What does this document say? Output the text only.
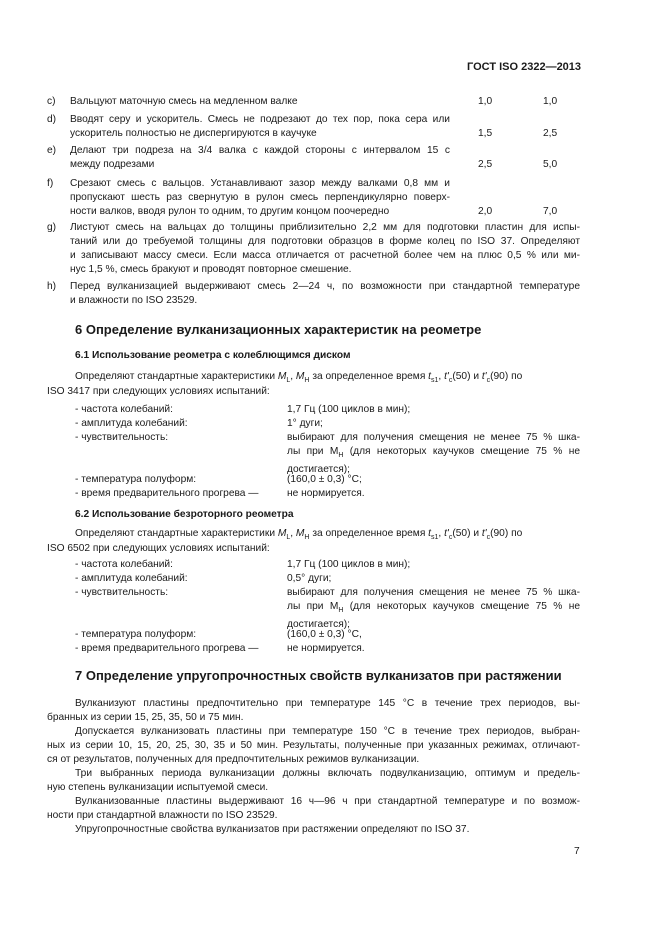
ГОСТ ISO 2322—2013
c) Вальцуют маточную смесь на медленном валке	1,0	1,0
d) Вводят серу и ускоритель. Смесь не подрезают до тех пор, пока сера или
ускоритель полностью не диспергируются в каучуке	1,5	2,5
e) Делают три подреза на 3/4 валка с каждой стороны с интервалом 15 с
между подрезами	2,5	5,0
f) Срезают смесь с вальцов. Устанавливают зазор между валками 0,8 мм и
пропускают шесть раз свернутую в рулон смесь перпендикулярно поверх-
ности валков, вводя рулон то одним, то другим концом поочередно	2,0	7,0
g) Листуют смесь на вальцах до толщины приблизительно 2,2 мм для подготовки пластин для испы-
таний или до требуемой толщины для подготовки образцов в форме колец по ISO 37. Определяют
и записывают массу смеси. Если масса отличается от расчетной более чем на плюс 0,5 % или ми-
нус 1,5 %, смесь бракуют и проводят повторное смешение.
h) Перед вулканизацией выдерживают смесь 2—24 ч, по возможности при стандартной температуре
и влажности по ISO 23529.
6 Определение вулканизационных характеристик на реометре
6.1 Использование реометра с колеблющимся диском
Определяют стандартные характеристики $M_L$, $M_H$ за определенное время $t_{s1}$, $t'_c(50)$ и $t'_c(90)$ по
ISO 3417 при следующих условиях испытаний:
- частота колебаний:	1,7 Гц (100 циклов в мин);
- амплитуда колебаний:	1° дуги;
- чувствительность:	выбирают для получения смещения не менее 75 % шка-
лы при $M_H$ (для некоторых каучуков смещение 75 % не
достигается);
- температура полуформ:	(160,0 ± 0,3) °C;
- время предварительного прогрева —	не нормируется.
6.2 Использование безроторного реометра
Определяют стандартные характеристики $M_L$, $M_H$ за определенное время $t_{s1}$, $t'_c(50)$ и $t'_c(90)$ по
ISO 6502 при следующих условиях испытаний:
- частота колебаний:	1,7 Гц (100 циклов в мин);
- амплитуда колебаний:	0,5° дуги;
- чувствительность:	выбирают для получения смещения не менее 75 % шка-
лы при $M_H$ (для некоторых каучуков смещение 75 % не
достигается);
- температура полуформ:	(160,0 ± 0,3) °C,
- время предварительного прогрева —	не нормируется.
7 Определение упругопрочностных свойств вулканизатов при растяжении
Вулканизуют пластины предпочтительно при температуре 145 °C в течение трех периодов, вы-
бранных из серии 15, 25, 35, 50 и 75 мин.
Допускается вулканизовать пластины при температуре 150 °C в течение трех периодов, выбран-
ных из серии 10, 15, 20, 25, 30, 35 и 50 мин. Результаты, полученные при указанных режимах, отличают-
ся от результатов, полученных для предпочтительных режимов вулканизации.
Три выбранных периода вулканизации должны включать подвулканизацию, оптимум и предель-
ную степень вулканизации испытуемой смеси.
Вулканизованные пластины выдерживают 16 ч—96 ч при стандартной температуре и по возмож-
ности при стандартной влажности по ISO 23529.
Упругопрочностные свойства вулканизатов при растяжении определяют по ISO 37.
7
